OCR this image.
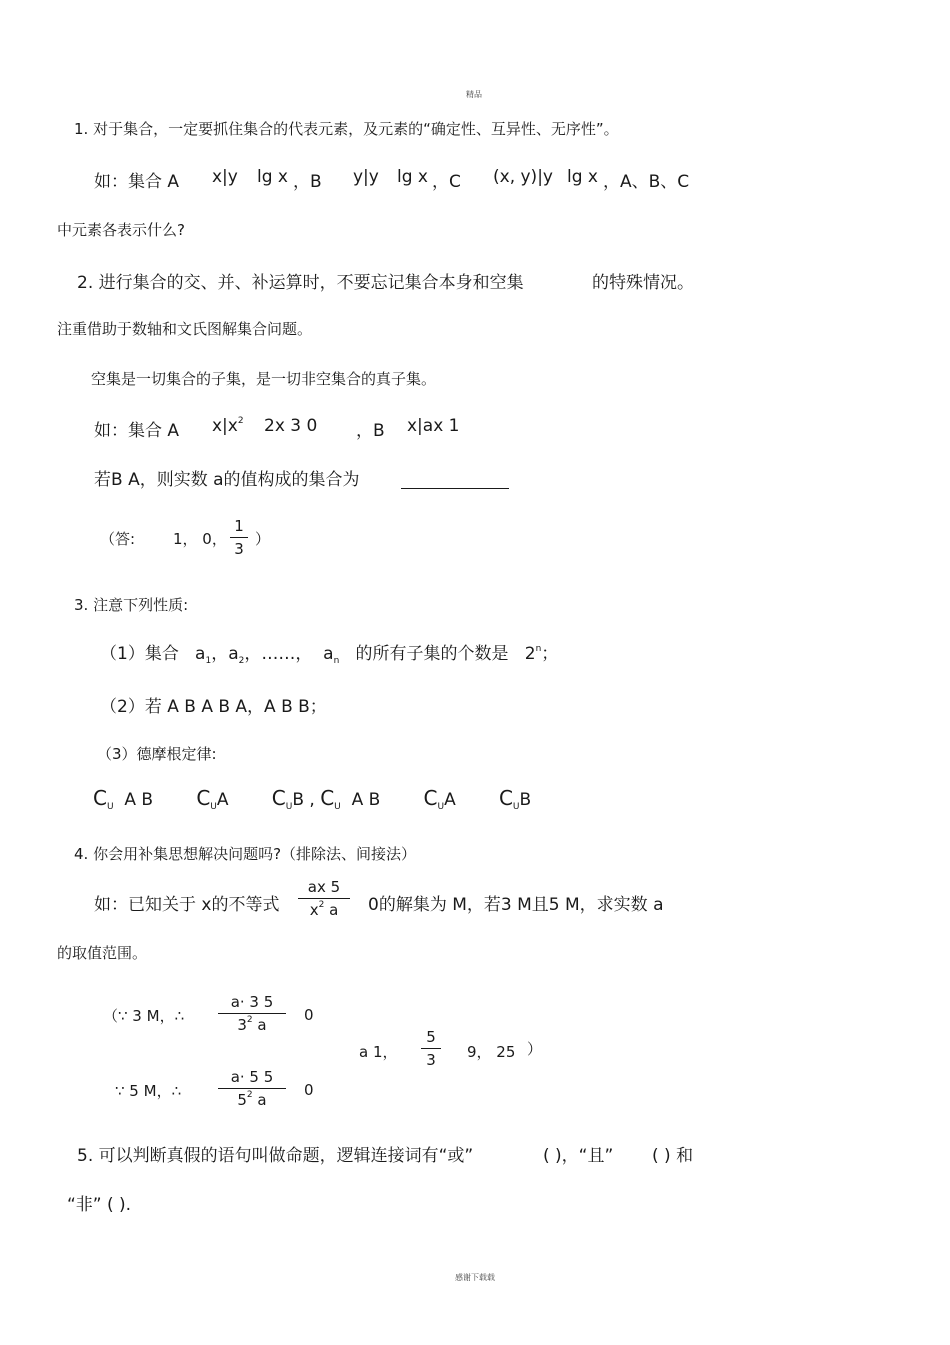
精品
1. 对于集合，一定要抓住集合的代表元素，及元素的“确定性、互异性、无序性”。
如：集合 A x|y lg x ，B y|y lg x ，C (x, y)|y lg x ，A、B、C
中元素各表示什么?
2. 进行集合的交、并、补运算时，不要忘记集合本身和空集	的特殊情况。
注重借助于数轴和文氏图解集合问题。
空集是一切集合的子集，是一切非空集合的真子集。
如：集合 A $x|x^2$ 2x 3 0 ，B x|ax 1
若B A，则实数 a的值构成的集合为
（答:	1， 0，
1
3
）
3. 注意下列性质:
（1）集合 $a_1$，$a_2$，……， $a_n$ 的所有子集的个数是 2$^n$；
（2）若 A B A B A，A B B；
（3）德摩根定律:
$C_U$ A B $C_UA$ $C_UB$ , $C_U$ A B $C_UA$ $C_UB$
4. 你会用补集思想解决问题吗?（排除法、间接法）
如：已知关于 x的不等式
ax 5
$x^2$ a	0的解集为 M，若3 M且5 M，求实数 a
的取值范围。
（∵ 3 M，∴
a· 3 5
$3^2$ a
0
a 1，
5
3	9， 25 ）
∵ 5 M，∴
a· 5 5
$5^2$ a
0
5. 可以判断真假的语句叫做命题，逻辑连接词有“或”	( )，“且” ( ) 和
“非” ( ).
感谢下载载
